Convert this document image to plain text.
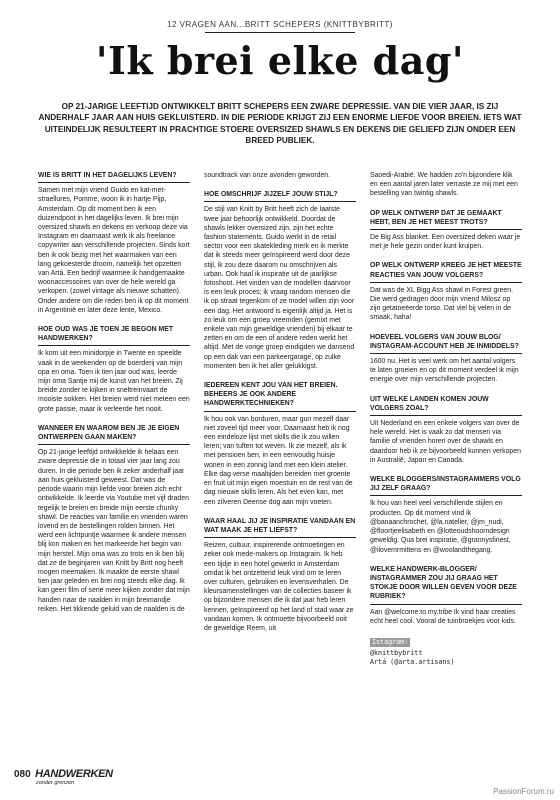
12 VRAGEN AAN...BRITT SCHEPERS (KNITTBYBRITT)
'Ik brei elke dag'
OP 21-JARIGE LEEFTIJD ONTWIKKELT BRITT SCHEPERS EEN ZWARE DEPRESSIE. VAN DIE VIER JAAR, IS ZIJ ANDERHALF JAAR AAN HUIS GEKLUISTERD. IN DIE PERIODE KRIJGT ZIJ EEN ENORME LIEFDE VOOR BREIEN. IETS WAT UITEINDELIJK RESULTEERT IN PRACHTIGE STOERE OVERSIZED SHAWLS EN DEKENS DIE GELIEFD ZIJN ONDER EEN BREED PUBLIEK.
WIE IS BRITT IN HET DAGELIJKS LEVEN?

Samen met mijn vriend Guido en kat-met-straellures, Pomme, woon ik in hartje Pijp, Amsterdam. Op dit moment ben ik een duizendpoot in het dagelijks leven. Ik brei mijn oversized shawls en dekens en verkoop deze via Instagram en daarnaast werk ik als freelance copywriter aan verschillende projecten. Sinds kort ben ik ook bezig met het waarmaken van een lang gekoesterde droom, namelijk het opzetten van Artá. Een bedrijf waarmee ik handgemaakte woonaccessoires van over de hele wereld ga verkopen. (zowel vintage als nieuwe schatten). Onder andere om die reden ben ik op dit moment in Argentinië en later deze lente, Mexico.

HOE OUD WAS JE TOEN JE BEGON MET HANDWERKEN?

Ik kom uit een minidorpje in Twente en speelde vaak in de weekenden op de boerderij van mijn opa en oma. Toen ik tien jaar oud was, leerde mijn oma Santje mij de kunst van het breien. Zij breide zonder te kijken in sneltreinvaart de mooiste sokken. Het breien werd niet meteen een grote passie, maar ik verleerde het nooit.

WANNEER EN WAAROM BEN JE JE EIGEN ONTWERPEN GAAN MAKEN?

Op 21-jarige leeftijd ontwikkelde ik helaas een zware depressie die in totaal vier jaar lang zou duren. In die periode ben ik zeker anderhalf jaar aan huis gekluisterd geweest. Dat was de periode waarin mijn liefde voor breien zich echt ontwikkelde. Ik leerde via Youtube met vijf draden tegelijk te breien en breide mijn eerste chunky shawl. De reacties van familie en vrienden waren lovend en de bestellingen rolden binnen. Het werd een lichtpuntje waarmee ik andere mensen blij kon maken en het markeerde het begin van mijn herstel. Mijn oma was zo trots en ik ben blij dat ze de beginjaren van Knitt by Britt nog heeft mogen meemaken. Ik maakte de eerste shawl tien jaar geleden en brei nog steeds elke dag. Ik kan geen film of serie meer kijken zonder dat mijn handen naar de naalden in mijn breimandje reiken. Het tikkende geluid van de naalden is de

soundtrack van onze avonden geworden.

HOE OMSCHRIJF JIJZELF JOUW STIJL?

De stijl van Knitt by Britt heeft zich de laatste twee jaar behoorlijk ontwikkeld. Doordat de shawls lekker oversized zijn, zijn het echte fashion statements. Guido werkt in de retail sector voor een skatekleding merk en ik merkte dat ik steeds meer geïnspireerd werd door deze stijl, ik zou deze daarom nu omschrijven als urban. Ook haal ik inspiratie uit de jaarlijkse fotoshoot. Het vinden van de modellen daarvoor is een leuk proces; ik vraag random mensen die ik op straat tegenkom of ze model willen zijn voor een dag. Het antwoord is eigenlijk altijd ja. Het is zo leuk om een groep vreemden (gemixt met enkele van mijn geweldige vrienden) bij elkaar te zetten en om de een of andere reden werkt het altijd. Met de vorige groep eindigden we dansend op een dak van een parkeergarage, op zulke momenten ben ik het aller gelukkigst.

IEDEREEN KENT JOU VAN HET BREIEN. BEHEERS JE OOK ANDERE HANDWERKTECHNIEKEN?

Ik hou ook van borduren, maar gun mezelf daar niet zoveel tijd meer voor. Daarnaast heb ik nog een eindeloze lijst met skills die ik zou willen leren; van tuften tot weven. Ik zie mezelf, als ik met pensioen ben, in een eenvoudig huisje wonen in een zonnig land met een klein atelier. Elke dag verse maaltijden bereiden met groente en fruit uit mijn eigen moestuin en de rest van de dag nieuwe skills leren. Als het even kan, met een zilveren Deense dog aan mijn voeten.

WAAR HAAL JIJ JE INSPIRATIE VANDAAN EN WAT MAAK JE HET LIEFST?

Reizen, cultuur, inspirerende ontmoetingen en zeker ook mede-makers op Instagram. Ik heb een tijdje in een hotel gewerkt in Amsterdam omdat ik het ontzettend leuk vind om te leren over culturen, gebruiken en levensverhalen. De kleursamenstellingen van de collecties baseer ik op bijzondere mensen die ik dat jaar heb leren kennen, geïnspireerd op het land of stad waar ze vandaan komen. Ik ontmoette bijvoorbeeld ooit de geweldige Reem, uit

Saoedi-Arabië. We hadden zo'n bijzondere klik en een aantal jaren later verraste ze mij met een bestelling van twintig shawls.

OP WELK ONTWERP DAT JE GEMAAKT HEBT, BEN JE HET MEEST TROTS?

De Big Ass blanket. Een oversized deken waar je met je hele gezin onder kunt kruipen.

OP WELK ONTWERP KREEG JE HET MEESTE REACTIES VAN JOUW VOLGERS?

Dat was de XL Bigg Ass shawl in Forest green. Die werd gedragen door mijn vriend Milosz op zijn getatoeëerde torso. Dat viel bij velen in de smaak, haha!

HOEVEEL VOLGERS VAN JOUW BLOG/ INSTAGRAM-ACCOUNT HEB JE INMIDDELS?

1600 nu. Het is veel werk om het aantal volgers te laten groeien en op dit moment verdeel ik mijn energie over mijn verschillende projecten.

UIT WELKE LANDEN KOMEN JOUW VOLGERS ZOAL?

Uit Nederland en een enkele volgers van over de hele wereld. Het is vaak zo dat mensen via familie of vrienden horen over de shawls en daardoor heb ik ze bijvoorbeeld kunnen verkopen in Australië, Japan en Canada.

WELKE BLOGGERS/INSTAGRAMMERS VOLG JIJ ZELF GRAAG?

Ik hou van heel veel verschillende stijlen en producten. Op dit moment vind ik @banaanchrochet, @la.natelier, @jm_nudi, @floortjeelisabeth en @lotteoudshoorndesign geweldig. Qua brei inspiratie, @grannysfinest, @ilovemrmittens en @woolandthegang.

WELKE HANDWERK-BLOGGER/ INSTAGRAMMER ZOU JIJ GRAAG HET STOKJE DOOR WILLEN GEVEN VOOR DEZE RUBRIEK?

Aan @welcome.to.my.tribe Ik vind haar creaties echt heel cool. Vooral de tuinbroekjes voor kids.

Istagram:
@knittbybritt
Artá (@arta.artisans)
080 HANDWERKEN
zonder grenzen
PassionForum.ru
